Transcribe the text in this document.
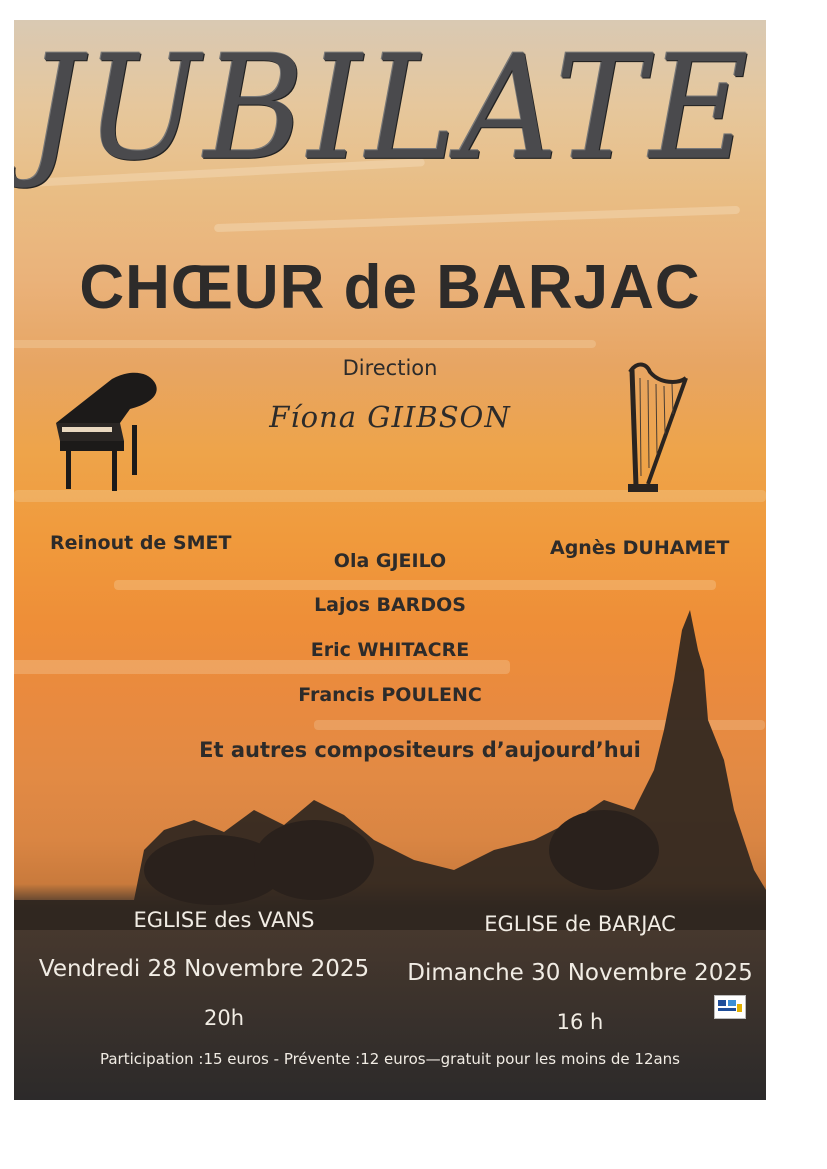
JUBILATE
CHŒUR de BARJAC
Direction
Fíona GIIBSON
Reinout de SMET	Agnès DUHAMET
Ola GJEILO
Lajos BARDOS
Eric WHITACRE
Francis POULENC
Et autres compositeurs d’aujourd’hui
EGLISE des VANS
Vendredi 28 Novembre 2025
20h
EGLISE de BARJAC
Dimanche 30 Novembre 2025
16 h
Participation :15 euros - Prévente :12 euros—gratuit pour les moins de 12ans
